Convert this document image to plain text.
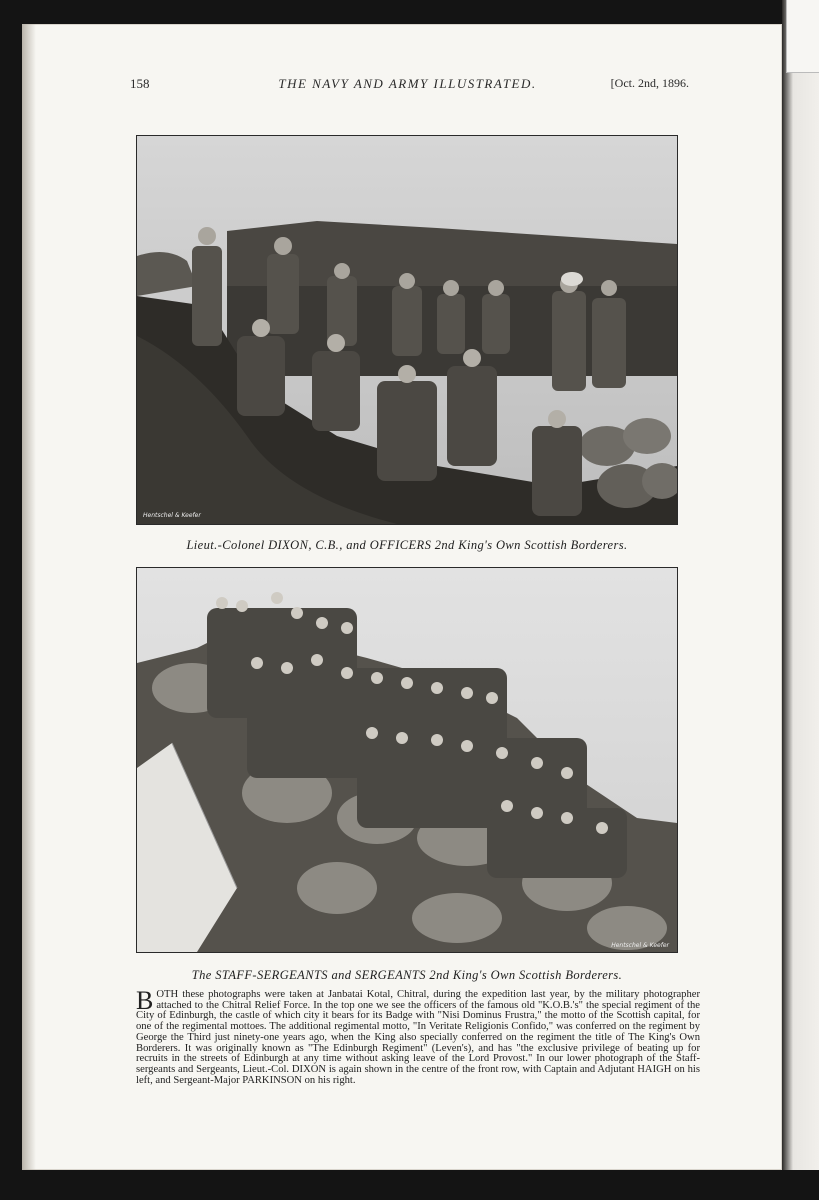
158	THE NAVY AND ARMY ILLUSTRATED.	[Oct. 2nd, 1896.
Hentschel & Keefer
Lieut.-Colonel DIXON, C.B., and OFFICERS 2nd King's Own Scottish Borderers.
Hentschel & Keefer
The STAFF-SERGEANTS and SERGEANTS 2nd King's Own Scottish Borderers.
BOTH these photographs were taken at Janbatai Kotal, Chitral, during the expedition last year, by the military photographer attached to the Chitral Relief Force. In the top one we see the officers of the famous old "K.O.B.'s" the special regiment of the City of Edinburgh, the castle of which city it bears for its Badge with "Nisi Dominus Frustra," the motto of the Scottish capital, for one of the regimental mottoes. The additional regimental motto, "In Veritate Religionis Confido," was conferred on the regiment by George the Third just ninety-one years ago, when the King also specially conferred on the regiment the title of The King's Own Borderers. It was originally known as "The Edinburgh Regiment" (Leven's), and has "the exclusive privilege of beating up for recruits in the streets of Edinburgh at any time without asking leave of the Lord Provost." In our lower photograph of the Staff-sergeants and Sergeants, Lieut.-Col. DIXON is again shown in the centre of the front row, with Captain and Adjutant HAIGH on his left, and Sergeant-Major PARKINSON on his right.
